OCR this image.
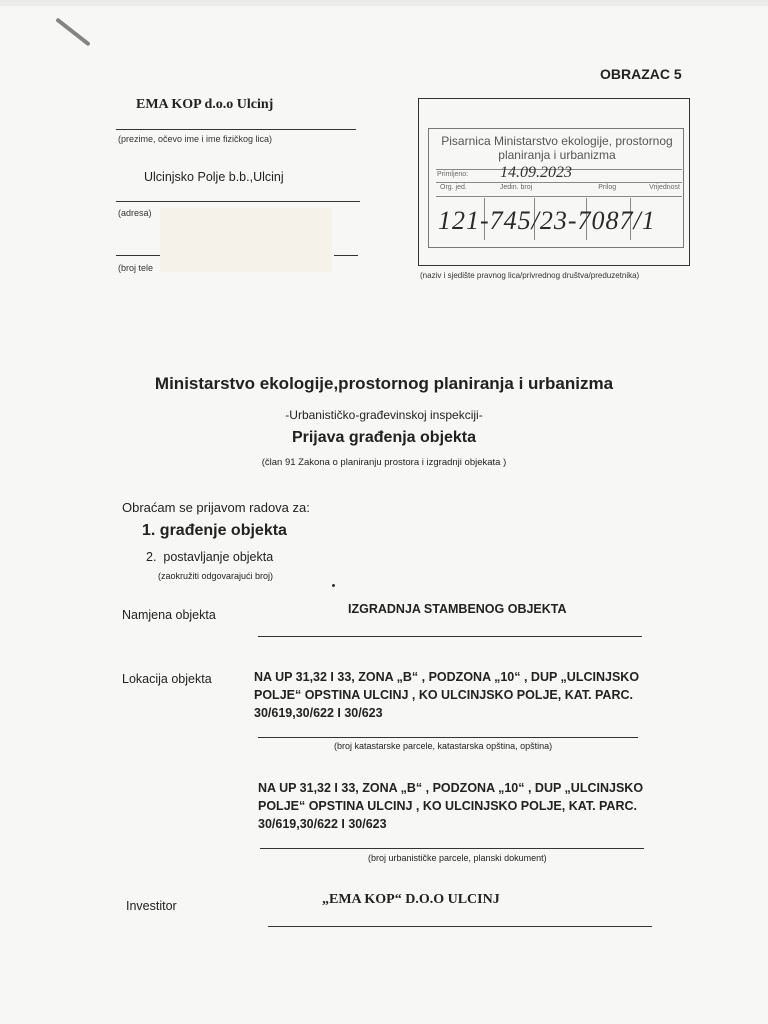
OBRAZAC 5
EMA KOP d.o.o Ulcinj
(prezime, očevo ime i ime fizičkog lica)
Ulcinjsko Polje b.b.,Ulcinj
(adresa)
(broj tele
Pisarnica Ministarstvo ekologije, prostornog planiranja i urbanizma
Primljeno: 14.09.2023
Org. jed.	Jedin. broj	Prilog	Vrijednost
121-745/23-7087/1
(naziv i sjedište pravnog lica/privrednog društva/preduzetnika)
Ministarstvo ekologije,prostornog planiranja i urbanizma
-Urbanističko-građevinskoj inspekciji-
Prijava građenja objekta
(član 91 Zakona o planiranju prostora i izgradnji objekata )
Obraćam se prijavom radova za:
1. građenje objekta
2. postavljanje objekta
(zaokružiti odgovarajući broj)
Namjena objekta	IZGRADNJA STAMBENOG OBJEKTA
Lokacija objekta	NA UP 31,32 I 33, ZONA „B“ , PODZONA „10“ , DUP „ULCINJSKO POLJE“ OPSTINA ULCINJ , KO ULCINJSKO POLJE, KAT. PARC. 30/619,30/622 I 30/623
(broj katastarske parcele, katastarska opština, opština)
NA UP 31,32 I 33, ZONA „B“ , PODZONA „10“ , DUP „ULCINJSKO POLJE“ OPSTINA ULCINJ , KO ULCINJSKO POLJE, KAT. PARC. 30/619,30/622 I 30/623
(broj urbanističke parcele, planski dokument)
Investitor	„EMA KOP“ D.O.O ULCINJ
